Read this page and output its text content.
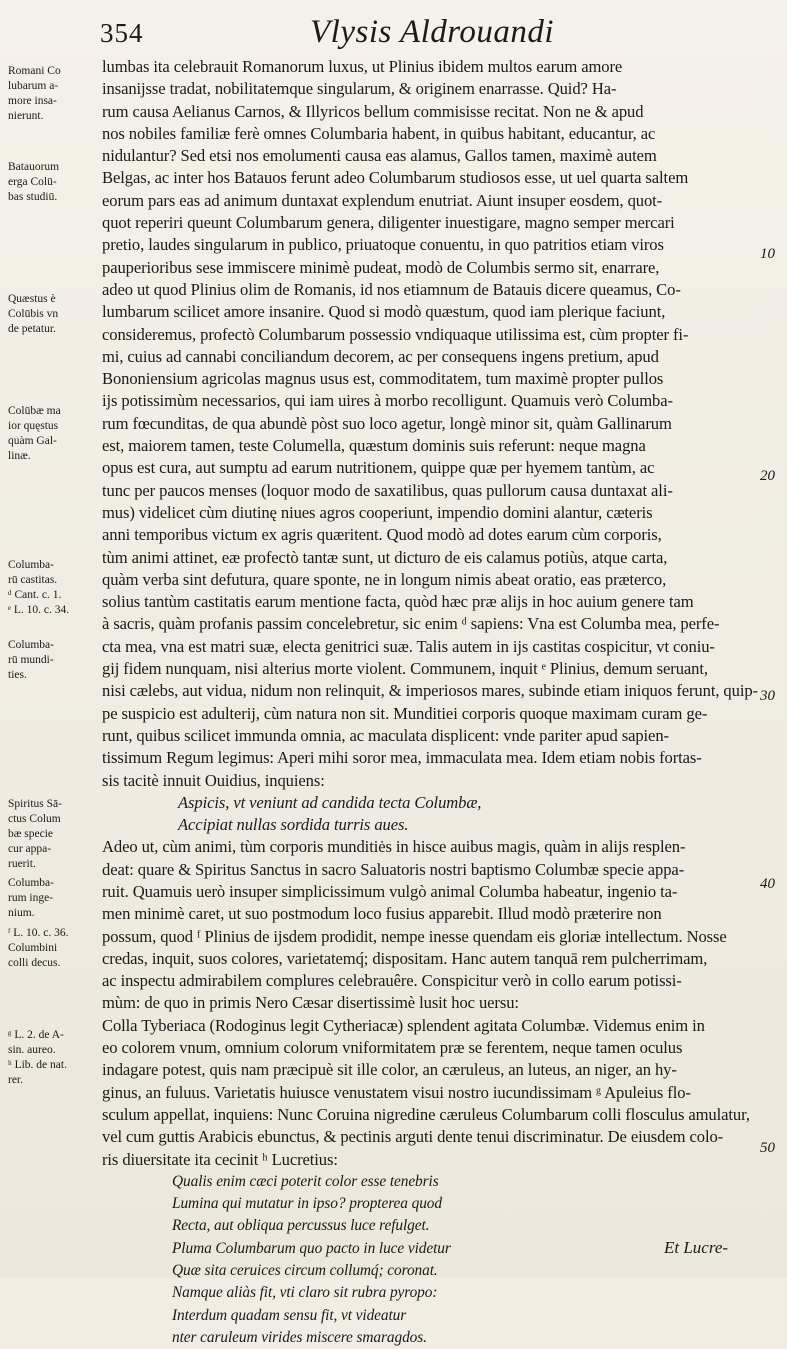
354	Vlysis Aldrouandi
Romani Co
lubarum a-
more insa-
nierunt.
Batauorum
erga Colū-
bas studiū.
Quæstus è
Colūbis vn
de petatur.
Colūbæ ma
ior quęstus
quàm Gal-
linæ.
Columba-
rū castitas.
ᵈ Cant. c. 1.
ᵉ L. 10. c. 34.
Columba-
rū mundi-
ties.
Spiritus Sā-
ctus Colum
bæ specie
cur appa-
ruerit.
Columba-
rum inge-
nium.
ᶠ L. 10. c. 36.
Columbini
colli decus.
ᵍ L. 2. de A-
sin. aureo.
ʰ Lib. de nat.
rer.
lumbas ita celebrauit Romanorum luxus, ut Plinius ibidem multos earum amore
insanijsse tradat, nobilitatemque singularum, & originem enarrasse. Quid? Ha-
rum causa Aelianus Carnos, & Illyricos bellum commisisse recitat. Non ne & apud
nos nobiles familiæ ferè omnes Columbaria habent, in quibus habitant, educantur, ac
nidulantur? Sed etsi nos emolumenti causa eas alamus, Gallos tamen, maximè autem
Belgas, ac inter hos Batauos ferunt adeo Columbarum studiosos esse, ut uel quarta saltem
eorum pars eas ad animum duntaxat explendum enutriat. Aiunt insuper eosdem, quot-
quot reperiri queunt Columbarum genera, diligenter inuestigare, magno semper mercari
pretio, laudes singularum in publico, priuatoque conuentu, in quo patritios etiam viros
pauperioribus sese immiscere minimè pudeat, modò de Columbis sermo sit, enarrare,
adeo ut quod Plinius olim de Romanis, id nos etiamnum de Batauis dicere queamus, Co-
lumbarum scilicet amore insanire. Quod si modò quæstum, quod iam plerique faciunt,
consideremus, profectò Columbarum possessio vndiquaque utilissima est, cùm propter fi-
mi, cuius ad cannabi conciliandum decorem, ac per consequens ingens pretium, apud
Bononiensium agricolas magnus usus est, commoditatem, tum maximè propter pullos
ijs potissimùm necessarios, qui iam uires à morbo recolligunt. Quamuis verò Columba-
rum fœcunditas, de qua abundè pòst suo loco agetur, longè minor sit, quàm Gallinarum
est, maiorem tamen, teste Columella, quæstum dominis suis referunt: neque magna
opus est cura, aut sumptu ad earum nutritionem, quippe quæ per hyemem tantùm, ac
tunc per paucos menses (loquor modo de saxatilibus, quas pullorum causa duntaxat ali-
mus) videlicet cùm diutinę niues agros cooperiunt, impendio domini alantur, cæteris
anni temporibus victum ex agris quæritent. Quod modò ad dotes earum cùm corporis,
tùm animi attinet, eæ profectò tantæ sunt, ut dicturo de eis calamus potiùs, atque carta,
quàm verba sint defutura, quare sponte, ne in longum nimis abeat oratio, eas præterco,
solius tantùm castitatis earum mentione facta, quòd hæc præ alijs in hoc auium genere tam
à sacris, quàm profanis passim concelebretur, sic enim ᵈ sapiens: Vna est Columba mea, perfe-
cta mea, vna est matri suæ, electa genitrici suæ. Talis autem in ijs castitas cospicitur, vt coniu-
gij fidem nunquam, nisi alterius morte violent. Communem, inquit ᵉ Plinius, demum seruant,
nisi cælebs, aut vidua, nidum non relinquit, & imperiosos mares, subinde etiam iniquos ferunt, quip-
pe suspicio est adulterij, cùm natura non sit. Munditiei corporis quoque maximam curam ge-
runt, quibus scilicet immunda omnia, ac maculata displicent: vnde pariter apud sapien-
tissimum Regum legimus: Aperi mihi soror mea, immaculata mea. Idem etiam nobis fortas-
sis tacitè innuit Ouidius, inquiens:
Aspicis, vt veniunt ad candida tecta Columbæ,
Accipiat nullas sordida turris aues.
Adeo ut, cùm animi, tùm corporis munditiės in hisce auibus magis, quàm in alijs resplen-
deat: quare & Spiritus Sanctus in sacro Saluatoris nostri baptismo Columbæ specie appa-
ruit. Quamuis uerò insuper simplicissimum vulgò animal Columba habeatur, ingenio ta-
men minimè caret, ut suo postmodum loco fusius apparebit. Illud modò præterire non
possum, quod ᶠ Plinius de ijsdem prodidit, nempe inesse quendam eis gloriæ intellectum. Nosse
credas, inquit, suos colores, varietatemq́; dispositam. Hanc autem tanquā rem pulcherrimam,
ac inspectu admirabilem complures celebrauêre. Conspicitur verò in collo earum potissi-
mùm: de quo in primis Nero Cæsar disertissimè lusit hoc uersu:
Colla Tyberiaca (Rodoginus legit Cytheriacæ) splendent agitata Columbæ. Videmus enim in
eo colorem vnum, omnium colorum vniformitatem præ se ferentem, neque tamen oculus
indagare potest, quis nam præcipuè sit ille color, an cæruleus, an luteus, an niger, an hy-
ginus, an fuluus. Varietatis huiusce venustatem visui nostro iucundissimam ᵍ Apuleius flo-
sculum appellat, inquiens: Nunc Coruina nigredine cæruleus Columbarum colli flosculus amulatur,
vel cum guttis Arabicis ebunctus, & pectinis arguti dente tenui discriminatur. De eiusdem colo-
ris diuersitate ita cecinit ʰ Lucretius:
Qualis enim cæci poterit color esse tenebris
Lumina qui mutatur in ipso? propterea quod
Recta, aut obliqua percussus luce refulget.
Pluma Columbarum quo pacto in luce videtur
Quæ sita ceruices circum collumq́; coronat.
Namque aliàs fit, vti claro sit rubra pyropo:
Interdum quadam sensu fit, vt videatur
nter caruleum virides miscere smaragdos.
10
20
30
40
50
Et Lucre-
